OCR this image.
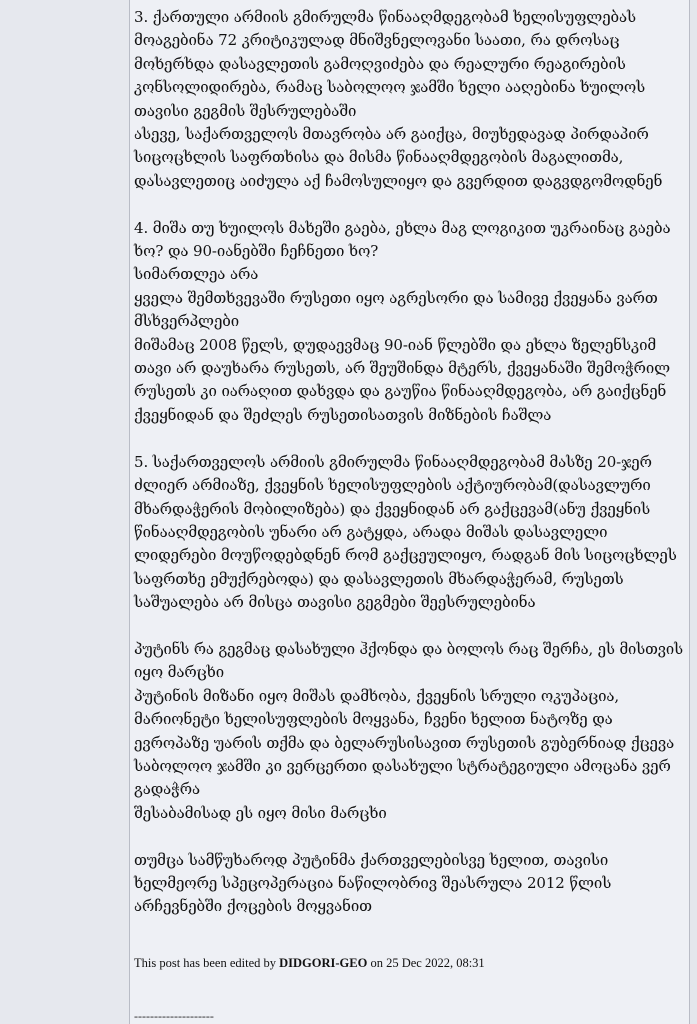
3. ქართული არმიის გმირულმა წინააღმდეგობამ ხელისუფლებას
მოაგებინა 72 კრიტიკულად მნიშვნელოვანი საათი, რა დროსაც
მოხერხდა დასავლეთის გამოღვიძება და რეალური რეაგირების
კონსოლიდირება, რამაც საბოლოო ჯამში ხელი ააღებინა ხუილოს
თავისი გეგმის შესრულებაში
ასევე, საქართველოს მთავრობა არ გაიქცა, მიუხედავად პირდაპირ
სიცოცხლის საფრთხისა და მისმა წინააღმდეგობის მაგალითმა,
დასავლეთიც აიძულა აქ ჩამოსულიყო და გვერდით დაგვდგომოდნენ
4. მიშა თუ ხუილოს მახეში გაება, ეხლა მაგ ლოგიკით უკრაინაც გაება
ხო? და 90-იანებში ჩეჩნეთი ხო?
სიმართლეა არა
ყველა შემთხვევაში რუსეთი იყო აგრესორი და სამივე ქვეყანა ვართ
მსხვერპლები
მიშამაც 2008 წელს, დუდაევმაც 90-იან წლებში და ეხლა ზელენსკიმ
თავი არ დაუხარა რუსეთს, არ შეუშინდა მტერს, ქვეყანაში შემოჭრილ
რუსეთს კი იარაღით დახვდა და გაუწია წინააღმდეგობა, არ გაიქცნენ
ქვეყნიდან და შეძლეს რუსეთისათვის მიზნების ჩაშლა
5. საქართველოს არმიის გმირულმა წინააღმდეგობამ მასზე 20-ჯერ
ძლიერ არმიაზე, ქვეყნის ხელისუფლების აქტიურობამ(დასავლური
მხარდაჭერის მობილიზება) და ქვეყნიდან არ გაქცევამ(ანუ ქვეყნის
წინააღმდეგობის უნარი არ გატყდა, არადა მიშას დასავლელი
ლიდერები მოუწოდებდნენ რომ გაქცეულიყო, რადგან მის სიცოცხლეს
საფრთხე ემუქრებოდა) და დასავლეთის მხარდაჭერამ, რუსეთს
საშუალება არ მისცა თავისი გეგმები შეესრულებინა
პუტინს რა გეგმაც დასახული ჰქონდა და ბოლოს რაც შერჩა, ეს მისთვის
იყო მარცხი
პუტინის მიზანი იყო მიშას დამხობა, ქვეყნის სრული ოკუპაცია,
მარიონეტი ხელისუფლების მოყვანა, ჩვენი ხელით ნატოზე და
ევროპაზე უარის თქმა და ბელარუსისავით რუსეთის გუბერნიად ქცევა
საბოლოო ჯამში კი ვერცერთი დასახული სტრატეგიული ამოცანა ვერ
გადაჭრა
შესაბამისად ეს იყო მისი მარცხი
თუმცა სამწუხაროდ პუტინმა ქართველებისვე ხელით, თავისი
ხელმეორე სპეცოპერაცია ნაწილობრივ შეასრულა 2012 წლის
არჩევნებში ქოცების მოყვანით
This post has been edited by DIDGORI-GEO on 25 Dec 2022, 08:31
--------------------
